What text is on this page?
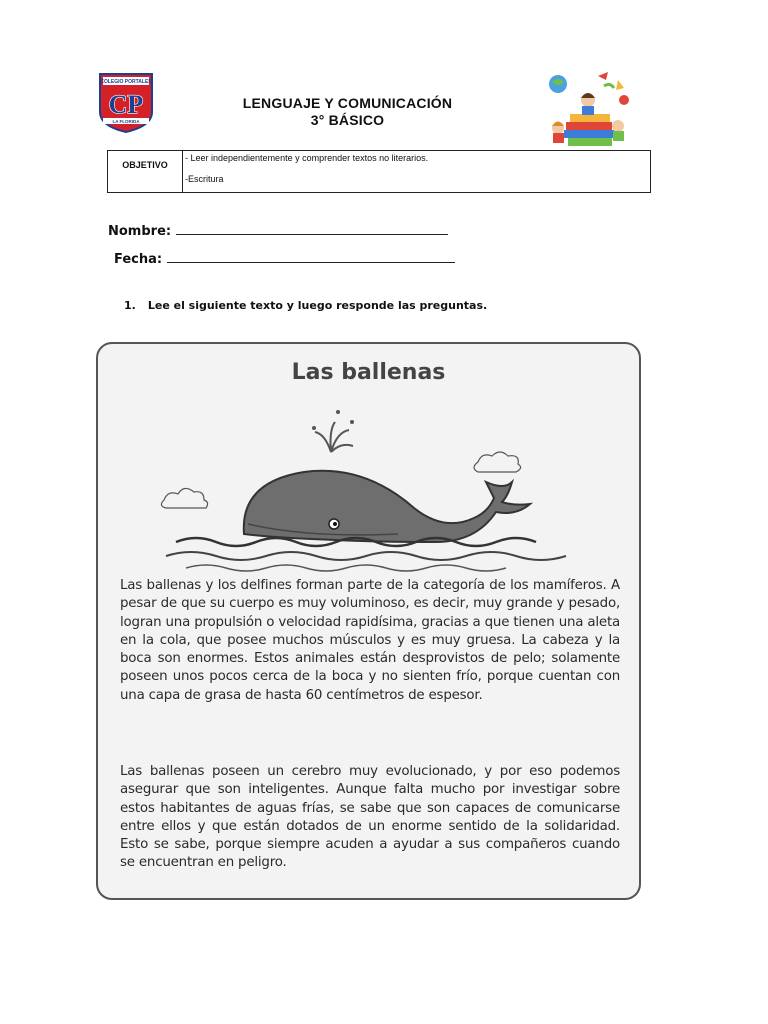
COLEGIO PORTALES
CP
LA FLORIDA
LENGUAJE Y COMUNICACIÓN
3° BÁSICO
OBJETIVO
- Leer independientemente y comprender textos no literarios.
-Escritura
Nombre:
Fecha:
1. Lee el siguiente texto y luego responde las preguntas.
Las ballenas
Las ballenas y los delfines forman parte de la categoría de los mamíferos. A pesar de que su cuerpo es muy voluminoso, es decir, muy grande y pesado, logran una propulsión o velocidad rapidísima, gracias a que tienen una aleta en la cola, que posee muchos músculos y es muy gruesa. La cabeza y la boca son enormes. Estos animales están desprovistos de pelo; solamente poseen unos pocos cerca de la boca y no sienten frío, porque cuentan con una capa de grasa de hasta 60 centímetros de espesor.
Las ballenas poseen un cerebro muy evolucionado, y por eso podemos asegurar que son inteligentes. Aunque falta mucho por investigar sobre estos habitantes de aguas frías, se sabe que son capaces de comunicarse entre ellos y que están dotados de un enorme sentido de la solidaridad. Esto se sabe, porque siempre acuden a ayudar a sus compañeros cuando se encuentran en peligro.
